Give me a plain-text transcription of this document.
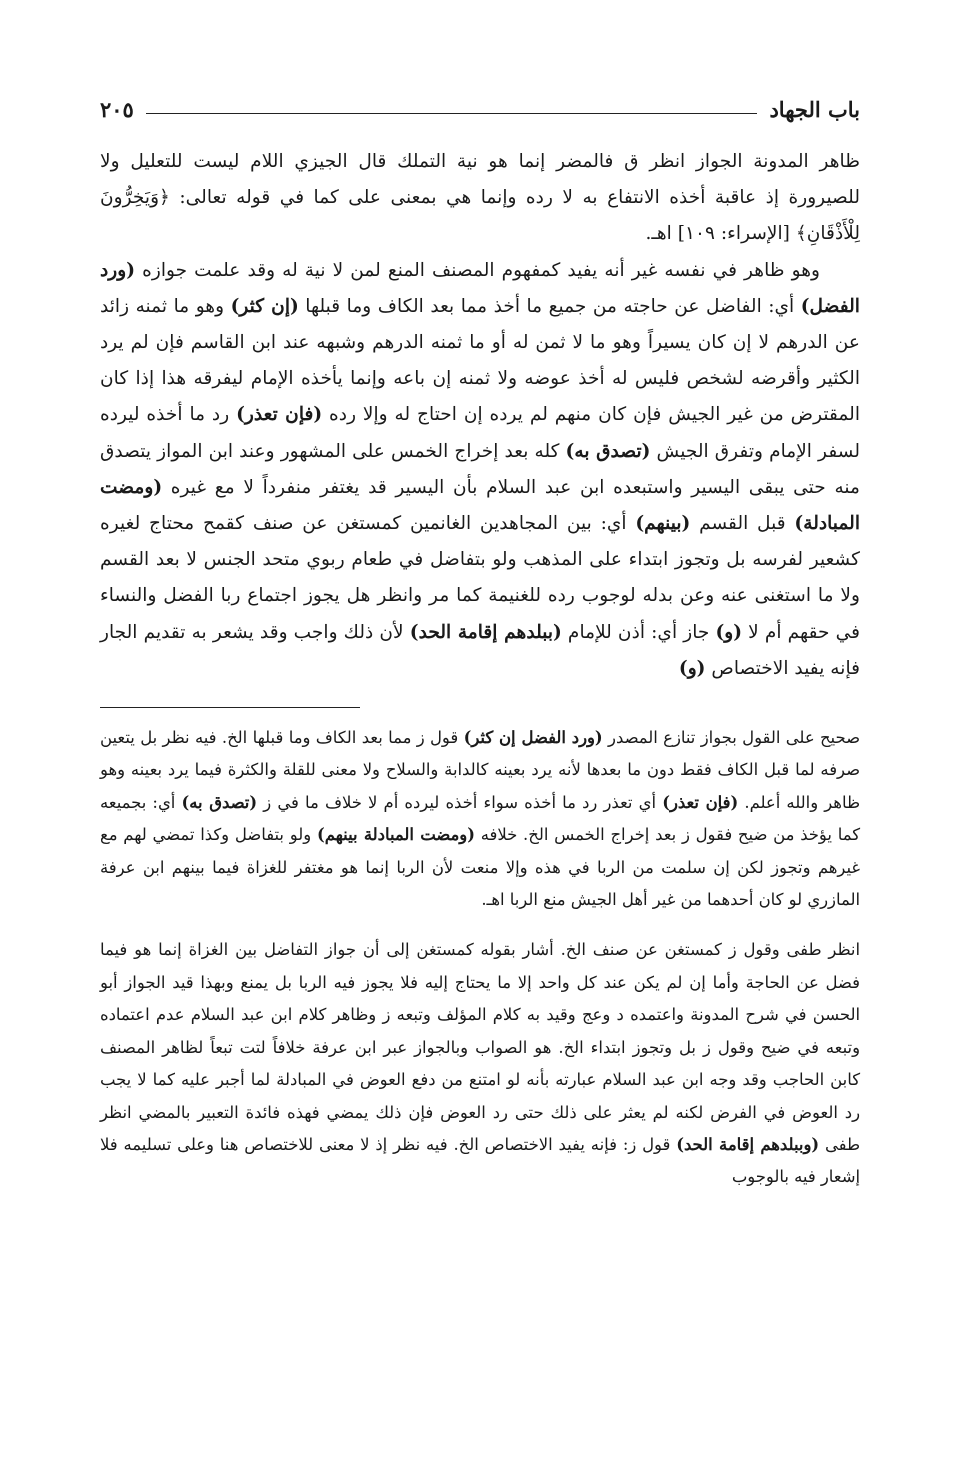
باب الجهاد
٢٠٥

ظاهر المدونة الجواز انظر ق فالمضر إنما هو نية التملك قال الجيزي اللام ليست للتعليل ولا للصيرورة إذ عاقبة أخذه الانتفاع به لا رده وإنما هي بمعنى على كما في قوله تعالى: ﴿وَيَخِرُّونَ لِلْأَذْقَانِ﴾ [الإسراء: ١٠٩] اهـ.

وهو ظاهر في نفسه غير أنه يفيد كمفهوم المصنف المنع لمن لا نية له وقد علمت جوازه (ورد الفضل) أي: الفاضل عن حاجته من جميع ما أخذ مما بعد الكاف وما قبلها (إن كثر) وهو ما ثمنه زائد عن الدرهم لا إن كان يسيراً وهو ما لا ثمن له أو ما ثمنه الدرهم وشبهه عند ابن القاسم فإن لم يرد الكثير وأقرضه لشخص فليس له أخذ عوضه ولا ثمنه إن باعه وإنما يأخذه الإمام ليفرقه هذا إذا كان المقترض من غير الجيش فإن كان منهم لم يرده إن احتاج له وإلا رده (فإن تعذر) رد ما أخذه ليرده لسفر الإمام وتفرق الجيش (تصدق به) كله بعد إخراج الخمس على المشهور وعند ابن المواز يتصدق منه حتى يبقى اليسير واستبعده ابن عبد السلام بأن اليسير قد يغتفر منفرداً لا مع غيره (ومضت المبادلة) قبل القسم (بينهم) أي: بين المجاهدين الغانمين كمستغن عن صنف كقمح محتاج لغيره كشعير لفرسه بل وتجوز ابتداء على المذهب ولو بتفاضل في طعام ربوي متحد الجنس لا بعد القسم ولا ما استغنى عنه وعن بدله لوجوب رده للغنيمة كما مر وانظر هل يجوز اجتماع ربا الفضل والنساء في حقهم أم لا (و) جاز أي: أذن للإمام (ببلدهم إقامة الحد) لأن ذلك واجب وقد يشعر به تقديم الجار فإنه يفيد الاختصاص (و)

صحيح على القول بجواز تنازع المصدر (ورد الفضل إن كثر) قول ز مما بعد الكاف وما قبلها الخ. فيه نظر بل يتعين صرفه لما قبل الكاف فقط دون ما بعدها لأنه يرد بعينه كالدابة والسلاح ولا معنى للقلة والكثرة فيما يرد بعينه وهو ظاهر والله أعلم. (فإن تعذر) أي تعذر رد ما أخذه سواء أخذه ليرده أم لا خلاف ما في ز (تصدق به) أي: بجميعه كما يؤخذ من ضيح فقول ز بعد إخراج الخمس الخ. خلافه (ومضت المبادلة بينهم) ولو بتفاضل وكذا تمضي لهم مع غيرهم وتجوز لكن إن سلمت من الربا في هذه وإلا منعت لأن الربا إنما هو مغتفر للغزاة فيما بينهم ابن عرفة المازري لو كان أحدهما من غير أهل الجيش منع الربا اهـ.

انظر طفى وقول ز كمستغن عن صنف الخ. أشار بقوله كمستغن إلى أن جواز التفاضل بين الغزاة إنما هو فيما فضل عن الحاجة وأما إن لم يكن عند كل واحد إلا ما يحتاج إليه فلا يجوز فيه الربا بل يمنع وبهذا قيد الجواز أبو الحسن في شرح المدونة واعتمده د وعج وقيد به كلام المؤلف وتبعه ز وظاهر كلام ابن عبد السلام عدم اعتماده وتبعه في ضيح وقول ز بل وتجوز ابتداء الخ. هو الصواب وبالجواز عبر ابن عرفة خلافاً لتت تبعاً لظاهر المصنف كابن الحاجب وقد وجه ابن عبد السلام عبارته بأنه لو امتنع من دفع العوض في المبادلة لما أجبر عليه كما لا يجب رد العوض في الفرض لكنه لم يعثر على ذلك حتى رد العوض فإن ذلك يمضي فهذه فائدة التعبير بالمضي انظر طفى (وببلدهم إقامة الحد) قول ز: فإنه يفيد الاختصاص الخ. فيه نظر إذ لا معنى للاختصاص هنا وعلى تسليمه فلا إشعار فيه بالوجوب
